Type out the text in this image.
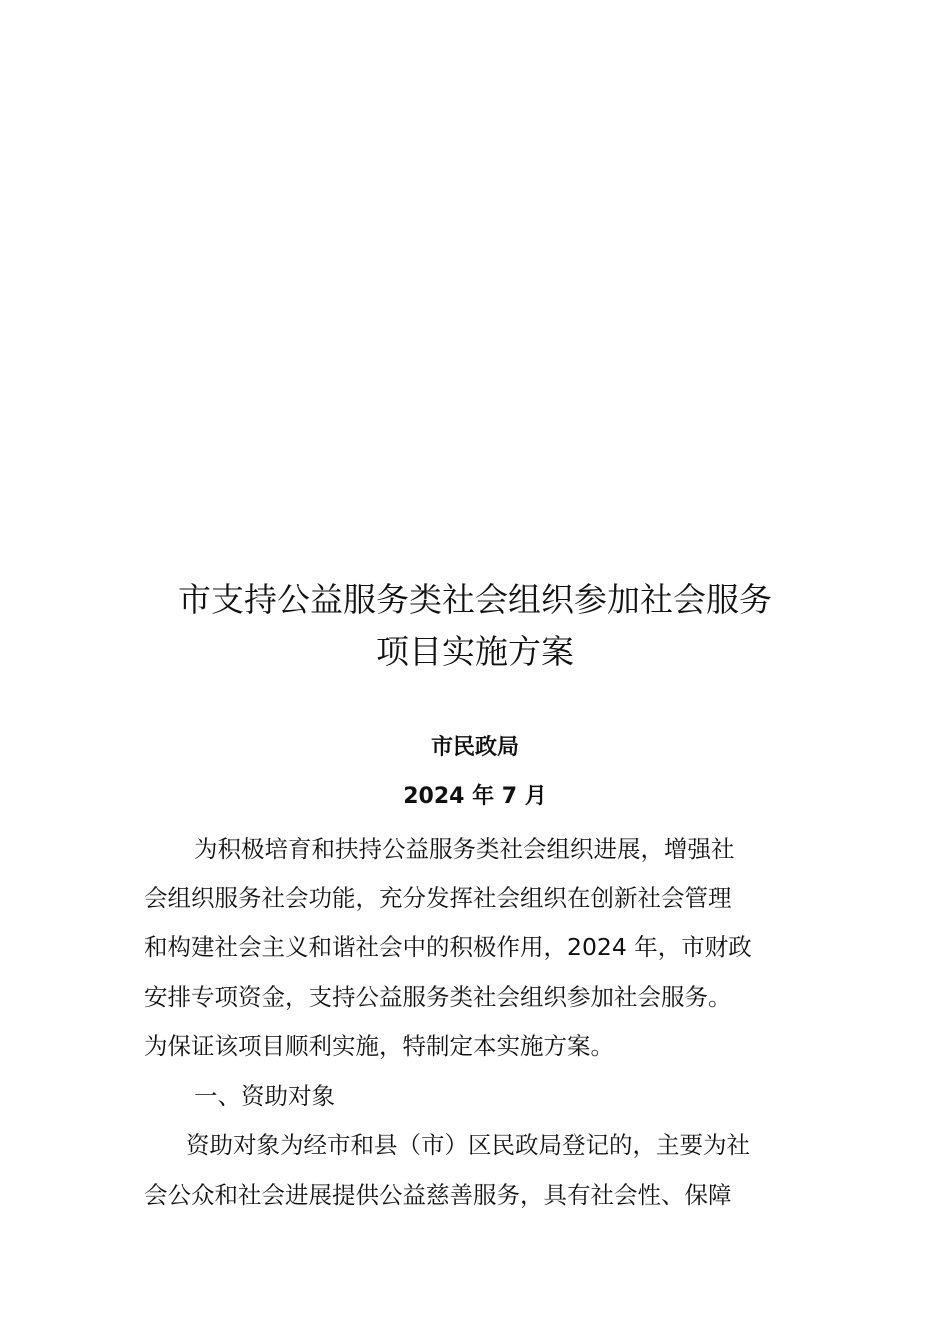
市支持公益服务类社会组织参加社会服务
项目实施方案
市民政局
2024 年 7 月
为积极培育和扶持公益服务类社会组织进展，增强社
会组织服务社会功能，充分发挥社会组织在创新社会管理
和构建社会主义和谐社会中的积极作用，2024 年，市财政
安排专项资金，支持公益服务类社会组织参加社会服务。
为保证该项目顺利实施，特制定本实施方案。
一、资助对象
资助对象为经市和县（市）区民政局登记的，主要为社
会公众和社会进展提供公益慈善服务，具有社会性、保障
